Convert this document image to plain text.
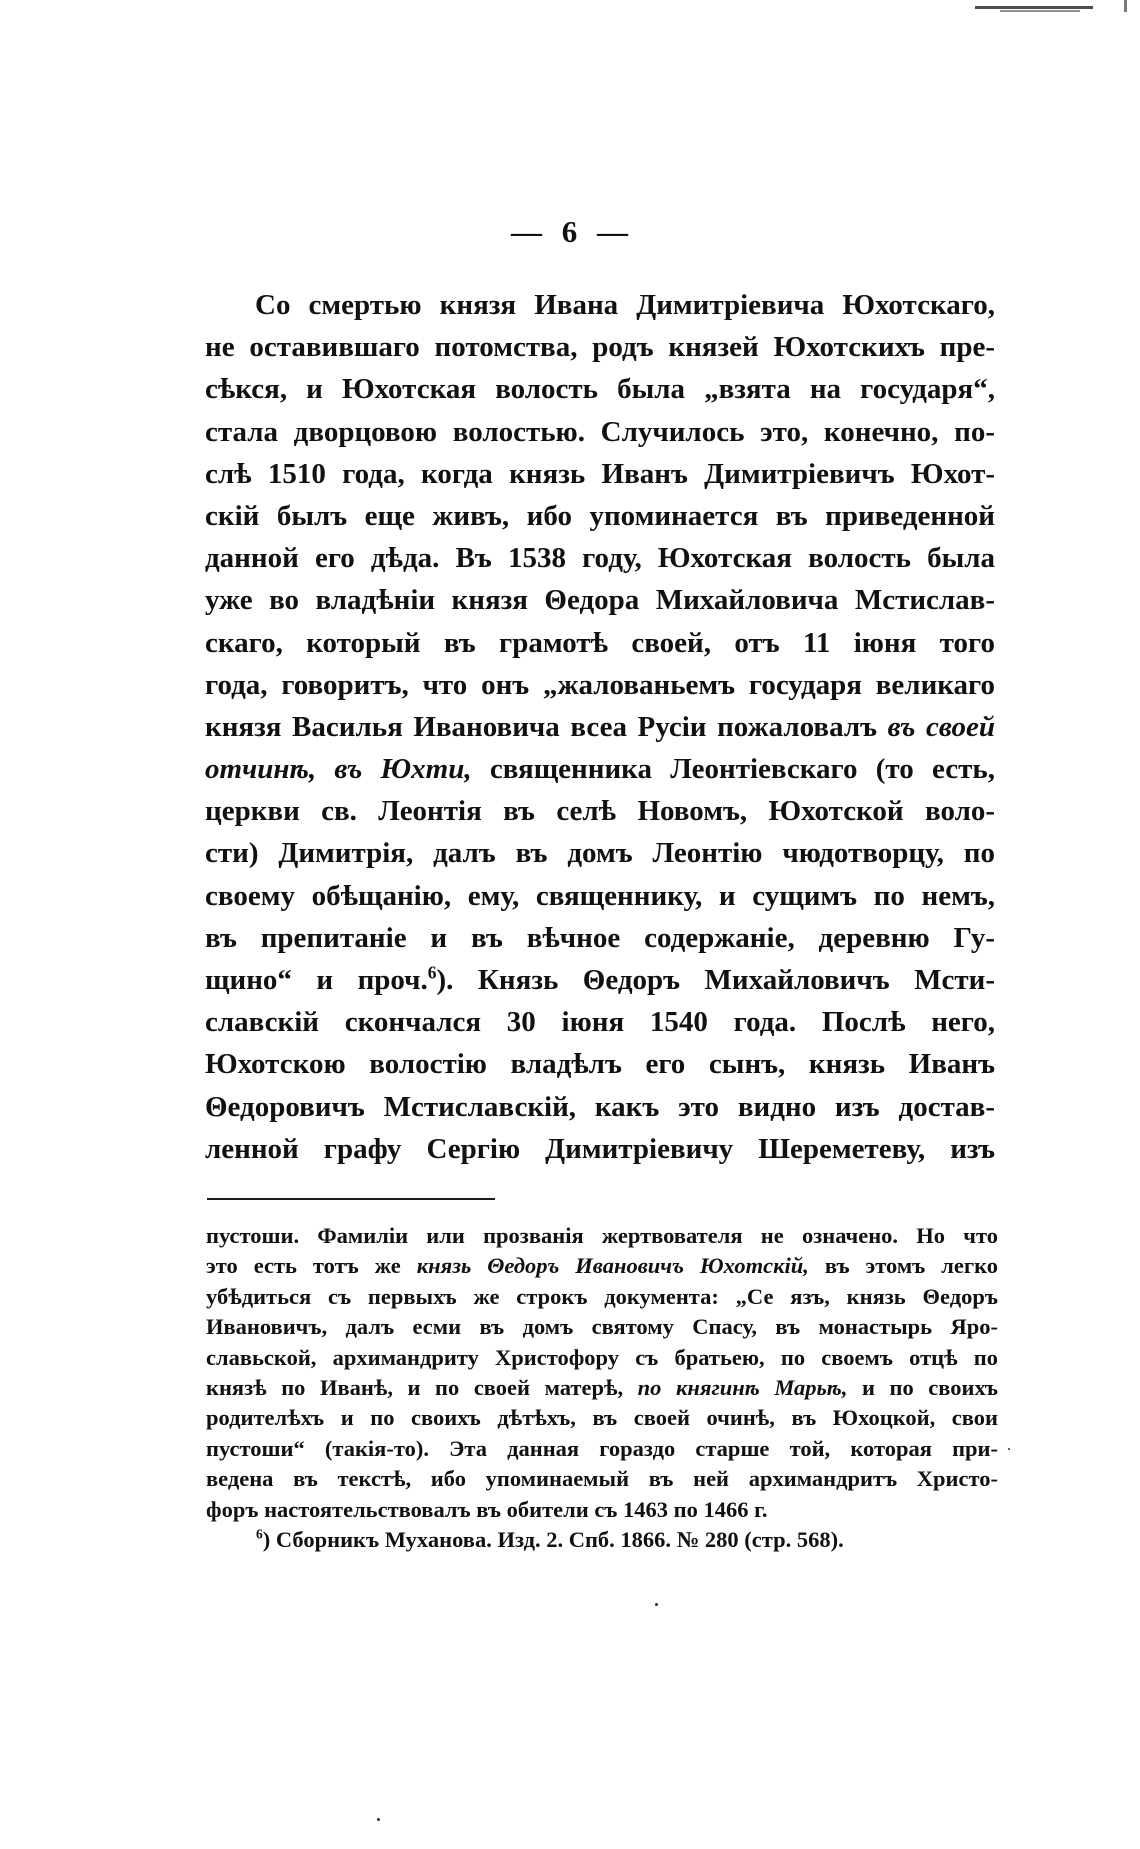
— 6 —
Со смертью князя Ивана Димитріевича Юхотскаго,
не оставившаго потомства, родъ князей Юхотскихъ пре-
сѣкся, и Юхотская волость была „взята на государя“,
стала дворцовою волостью. Случилось это, конечно, по-
слѣ 1510 года, когда князь Иванъ Димитріевичъ Юхот-
скій былъ еще живъ, ибо упоминается въ приведенной
данной его дѣда. Въ 1538 году, Юхотская волость была
уже во владѣніи князя Θедора Михайловича Мстислав-
скаго, который въ грамотѣ своей, отъ 11 іюня того
года, говоритъ, что онъ „жалованьемъ государя великаго
князя Василья Ивановича всеа Русіи пожаловалъ въ своей
отчинѣ, въ Юхти, священника Леонтіевскаго (то есть,
церкви св. Леонтія въ селѣ Новомъ, Юхотской воло-
сти) Димитрія, далъ въ домъ Леонтію чюдотворцу, по
своему обѣщанію, ему, священнику, и сущимъ по немъ,
въ препитаніе и въ вѣчное содержаніе, деревню Гу-
щино“ и проч.$^6$). Князь Θедоръ Михайловичъ Мсти-
славскій скончался 30 іюня 1540 года. Послѣ него,
Юхотскою волостію владѣлъ его сынъ, князь Иванъ
Θедоровичъ Мстиславскій, какъ это видно изъ достав-
ленной графу Сергію Димитріевичу Шереметеву, изъ
пустоши. Фамиліи или прозванія жертвователя не означено. Но что
это есть тотъ же князь Θедоръ Ивановичъ Юхотскій, въ этомъ легко
убѣдиться съ первыхъ же строкъ документа: „Се язъ, князь Θедоръ
Ивановичъ, далъ есми въ домъ святому Спасу, въ монастырь Яро-
славьской, архимандриту Христофору съ братьею, по своемъ отцѣ по
князѣ по Иванѣ, и по своей матерѣ, по княгинѣ Марьѣ, и по своихъ
родителѣхъ и по своихъ дѣтѣхъ, въ своей очинѣ, въ Юхоцкой, свои
пустоши“ (такія-то). Эта данная гораздо старше той, которая при-
ведена въ текстѣ, ибо упоминаемый въ ней архимандритъ Христо-
форъ настоятельствовалъ въ обители съ 1463 по 1466 г.
$^6$) Сборникъ Муханова. Изд. 2. Спб. 1866. № 280 (стр. 568).
